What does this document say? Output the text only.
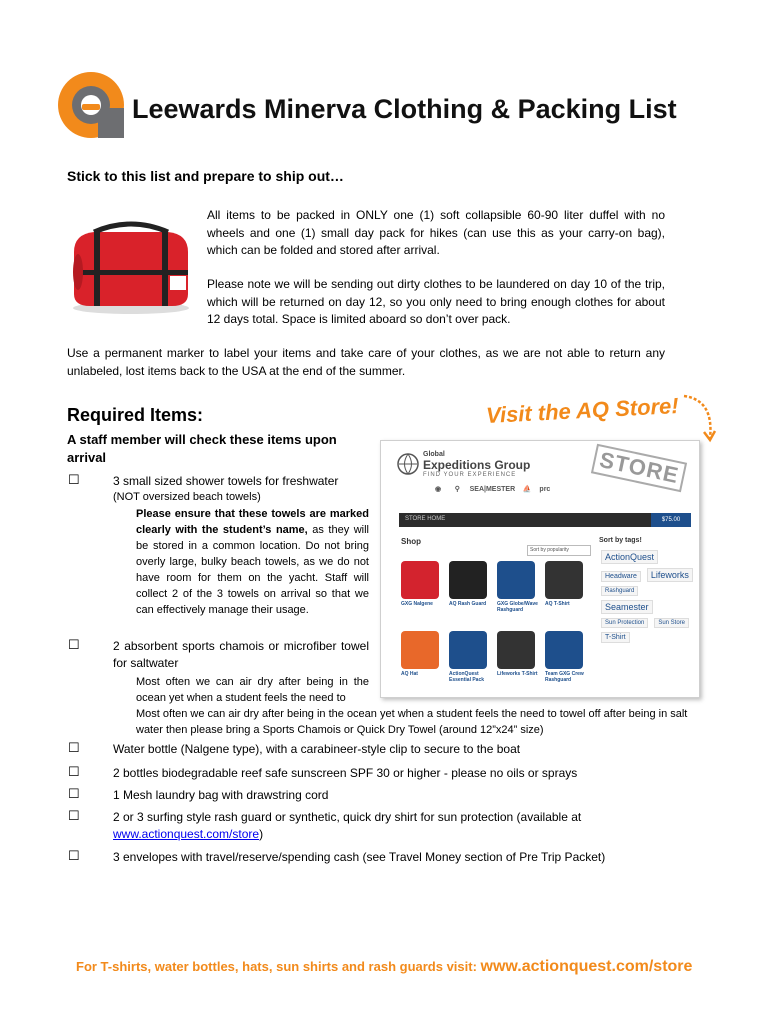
Leewards Minerva Clothing & Packing List
Stick to this list and prepare to ship out…
All items to be packed in ONLY one (1) soft collapsible 60-90 liter duffel with no wheels and one (1) small day pack for hikes (can use this as your carry-on bag), which can be folded and stored after arrival.
Please note we will be sending out dirty clothes to be laundered on day 10 of the trip, which will be returned on day 12, so you only need to bring enough clothes for about 12 days total. Space is limited aboard so don’t over pack.
Use a permanent marker to label your items and take care of your clothes, as we are not able to return any unlabeled, lost items back to the USA at the end of the summer.
Required Items:
A staff member will check these items upon arrival
Visit the AQ Store!
Global
Expeditions Group
FIND YOUR EXPERIENCE	STORE
◉ ⚲ SEA|MESTER ⛵ prc
STORE HOME	$75.00
Shop
Sort by popularity
GXG Nalgene	AQ Rash Guard	GXG Globe/Wave Rashguard
AQ T-Shirt
AQ Hat	ActionQuest Essential Pack
Lifeworks T-Shirt	Team GXG Crew Rashguard
Sort by tags!
ActionQuest Headware Lifeworks Rashguard Seamester Sun Protection Sun Store T-Shirt
☐	3 small sized shower towels for freshwater
(NOT oversized beach towels)
Please ensure that these towels are marked clearly with the student’s name, as they will be stored in a common location. Do not bring overly large, bulky beach towels, as we do not have room for them on the yacht. Staff will collect 2 of the 3 towels on arrival so that we can effectively manage their usage.
☐	2 absorbent sports chamois or microfiber towel for saltwater
Most often we can air dry after being in the ocean yet when a student feels the need to
Most often we can air dry after being in the ocean yet when a student feels the need to towel off after being in salt water then please bring a Sports Chamois or Quick Dry Towel (around 12”x24” size)
☐	Water bottle (Nalgene type), with a carabineer-style clip to secure to the boat
☐	2 bottles biodegradable reef safe sunscreen SPF 30 or higher - please no oils or sprays
☐	1 Mesh laundry bag with drawstring cord
☐	2 or 3 surfing style rash guard or synthetic, quick dry shirt for sun protection (available at
www.actionquest.com/store)
☐	3 envelopes with travel/reserve/spending cash (see Travel Money section of Pre Trip Packet)
For T-shirts, water bottles, hats, sun shirts and rash guards visit: www.actionquest.com/store
